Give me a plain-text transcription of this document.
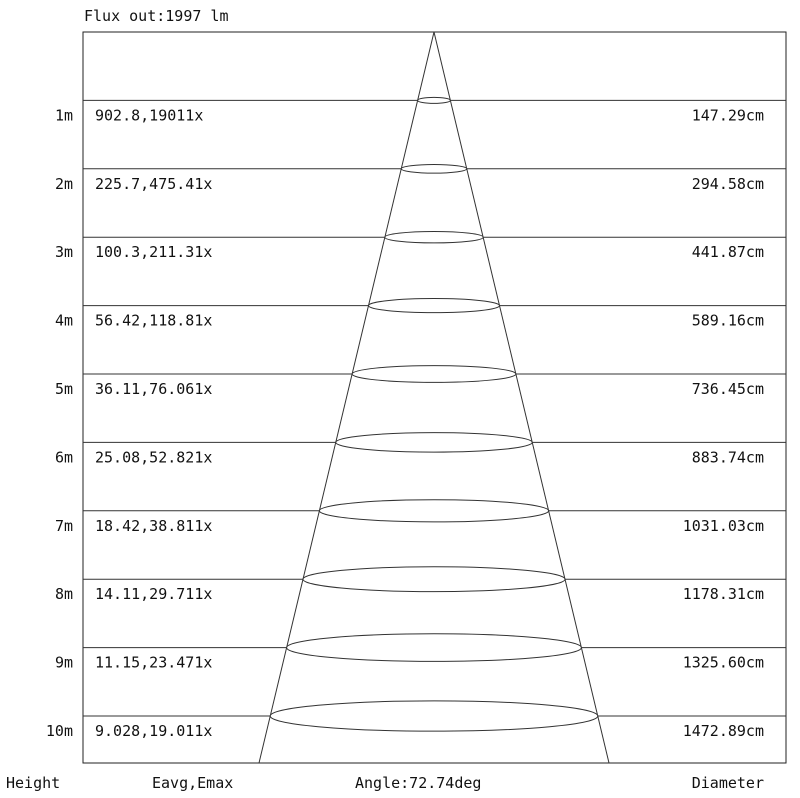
Flux out:1997 lm
1m 902.8,19011x	147.29cm
2m 225.7,475.41x	294.58cm
3m 100.3,211.31x	441.87cm
4m 56.42,118.81x	589.16cm
5m 36.11,76.061x	736.45cm
6m 25.08,52.821x	883.74cm
7m 18.42,38.811x	1031.03cm
8m 14.11,29.711x	1178.31cm
9m 11.15,23.471x	1325.60cm
10m 9.028,19.011x	1472.89cm
Height	Eavg,Emax	Angle:72.74deg	Diameter
